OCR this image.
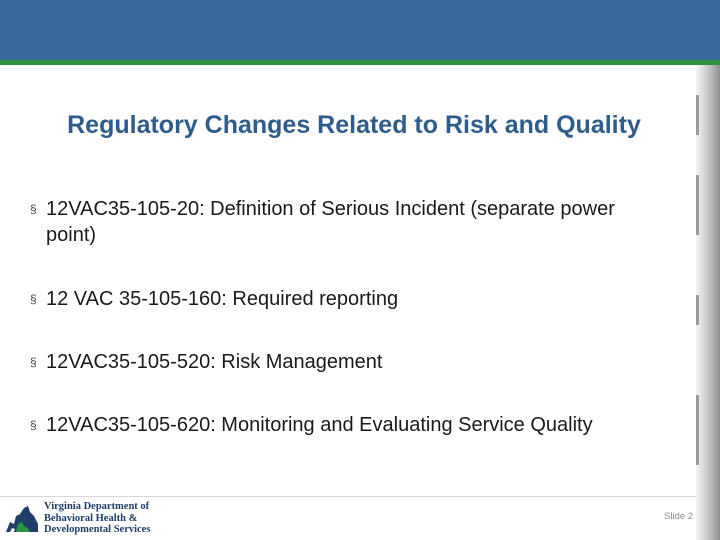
Regulatory Changes Related to Risk and Quality
§ 12VAC35-105-20: Definition of Serious Incident (separate power point)
§ 12 VAC 35-105-160: Required reporting
§ 12VAC35-105-520: Risk Management
§ 12VAC35-105-620: Monitoring and Evaluating Service Quality
Virginia Department of
Behavioral Health &
Developmental Services
Slide 2
